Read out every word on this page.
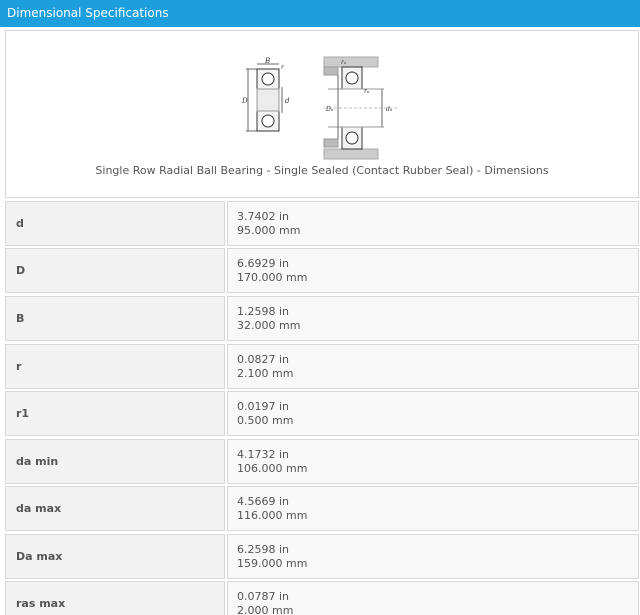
Dimensional Specifications
B
r
D	d
rₐ
rₐ
Dₐ	dₐ
Single Row Radial Ball Bearing - Single Sealed (Contact Rubber Seal) - Dimensions
d
3.7402 in
95.000 mm
D
6.6929 in
170.000 mm
B
1.2598 in
32.000 mm
r
0.0827 in
2.100 mm
r1
0.0197 in
0.500 mm
da min
4.1732 in
106.000 mm
da max
4.5669 in
116.000 mm
Da max
6.2598 in
159.000 mm
ras max
0.0787 in
2.000 mm
